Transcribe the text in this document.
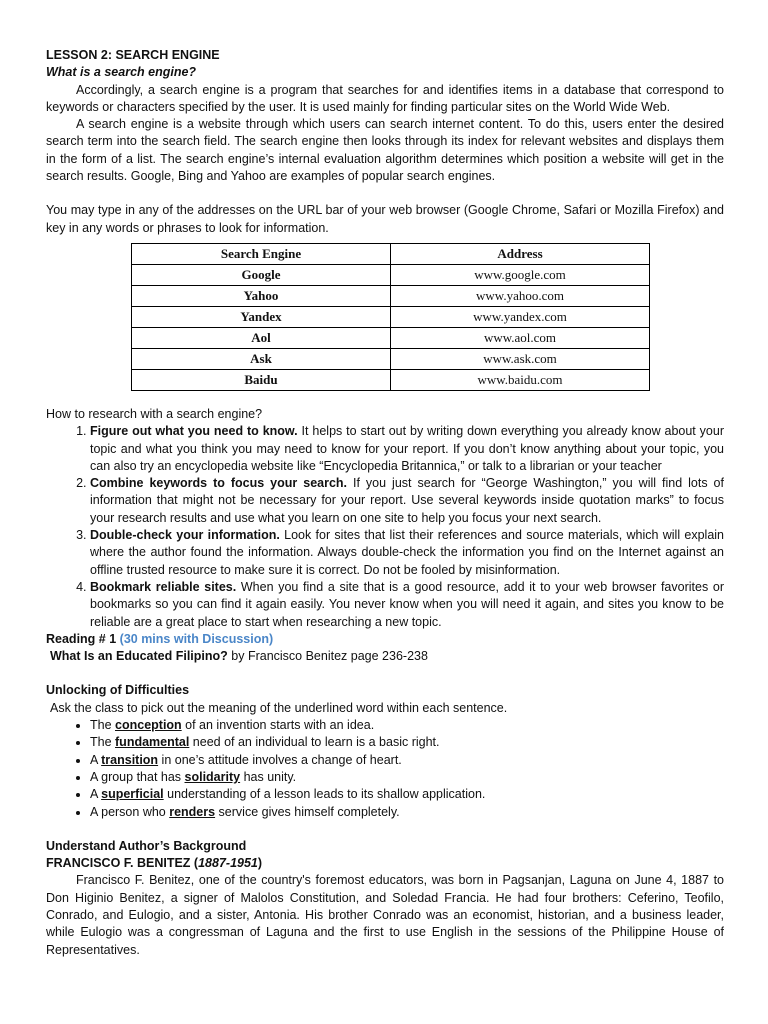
LESSON 2: SEARCH ENGINE

What is a search engine?

Accordingly, a search engine is a program that searches for and identifies items in a database that correspond to keywords or characters specified by the user. It is used mainly for finding particular sites on the World Wide Web.

A search engine is a website through which users can search internet content. To do this, users enter the desired search term into the search field. The search engine then looks through its index for relevant websites and displays them in the form of a list. The search engine’s internal evaluation algorithm determines which position a website will get in the search results. Google, Bing and Yahoo are examples of popular search engines.

You may type in any of the addresses on the URL bar of your web browser (Google Chrome, Safari or Mozilla Firefox) and key in any words or phrases to look for information.

Search Engine	Address
Google	www.google.com
Yahoo	www.yahoo.com
Yandex	www.yandex.com
Aol	www.aol.com
Ask	www.ask.com
Baidu	www.baidu.com

How to research with a search engine?

1. Figure out what you need to know. It helps to start out by writing down everything you already know about your topic and what you think you may need to know for your report. If you don’t know anything about your topic, you can also try an encyclopedia website like “Encyclopedia Britannica,” or talk to a librarian or your teacher
2. Combine keywords to focus your search. If you just search for “George Washington,” you will find lots of information that might not be necessary for your report. Use several keywords inside quotation marks” to focus your research results and use what you learn on one site to help you focus your next search.
3. Double-check your information. Look for sites that list their references and source materials, which will explain where the author found the information. Always double-check the information you find on the Internet against an offline trusted resource to make sure it is correct. Do not be fooled by misinformation.
4. Bookmark reliable sites. When you find a site that is a good resource, add it to your web browser favorites or bookmarks so you can find it again easily. You never know when you will need it again, and sites you know to be reliable are a great place to start when researching a new topic.

Reading # 1 (30 mins with Discussion)

What Is an Educated Filipino? by Francisco Benitez page 236-238

Unlocking of Difficulties

Ask the class to pick out the meaning of the underlined word within each sentence.

• The conception of an invention starts with an idea.
• The fundamental need of an individual to learn is a basic right.
• A transition in one’s attitude involves a change of heart.
• A group that has solidarity has unity.
• A superficial understanding of a lesson leads to its shallow application.
• A person who renders service gives himself completely.

Understand Author’s Background

FRANCISCO F. BENITEZ (1887-1951)

Francisco F. Benitez, one of the country's foremost educators, was born in Pagsanjan, Laguna on June 4, 1887 to Don Higinio Benitez, a signer of Malolos Constitution, and Soledad Francia. He had four brothers: Ceferino, Teofilo, Conrado, and Eulogio, and a sister, Antonia. His brother Conrado was an economist, historian, and a business leader, while Eulogio was a congressman of Laguna and the first to use English in the sessions of the Philippine House of Representatives.
